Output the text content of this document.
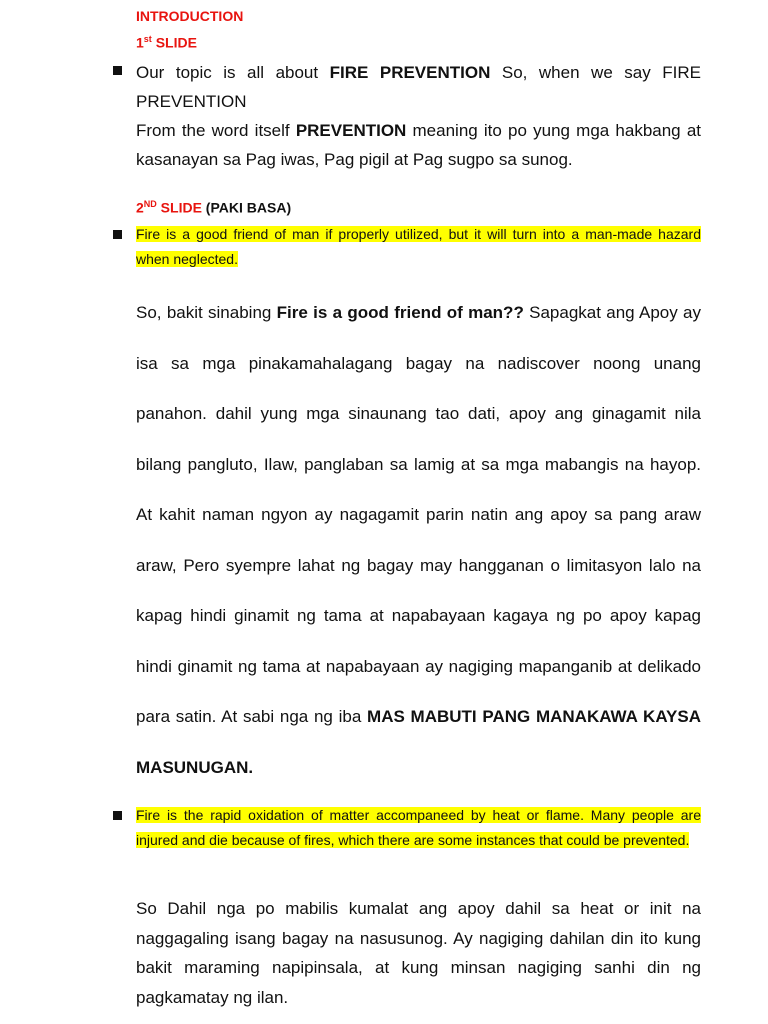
INTRODUCTION
1st SLIDE
Our topic is all about FIRE PREVENTION So, when we say FIRE PREVENTION
From the word itself PREVENTION meaning ito po yung mga hakbang at kasanayan sa Pag iwas, Pag pigil at Pag sugpo sa sunog.
2ND SLIDE (PAKI BASA)
Fire is a good friend of man if properly utilized, but it will turn into a man-made hazard when neglected.
So, bakit sinabing Fire is a good friend of man?? Sapagkat ang Apoy ay isa sa mga pinakamahalagang bagay na nadiscover noong unang panahon. dahil yung mga sinaunang tao dati, apoy ang ginagamit nila bilang pangluto, Ilaw, panglaban sa lamig at sa mga mabangis na hayop. At kahit naman ngyon ay nagagamit parin natin ang apoy sa pang araw araw, Pero syempre lahat ng bagay may hangganan o limitasyon lalo na kapag hindi ginamit ng tama at napabayaan kagaya ng po apoy kapag hindi ginamit ng tama at napabayaan ay nagiging mapanganib at delikado para satin. At sabi nga ng iba MAS MABUTI PANG MANAKAWA KAYSA MASUNUGAN.
Fire is the rapid oxidation of matter accompaneed by heat or flame. Many people are injured and die because of fires, which there are some instances that could be prevented.
So Dahil nga po mabilis kumalat ang apoy dahil sa heat or init na naggagaling isang bagay na nasusunog. Ay nagiging dahilan din ito kung bakit maraming napipinsala, at kung minsan nagiging sanhi din ng pagkamatay ng ilan.
